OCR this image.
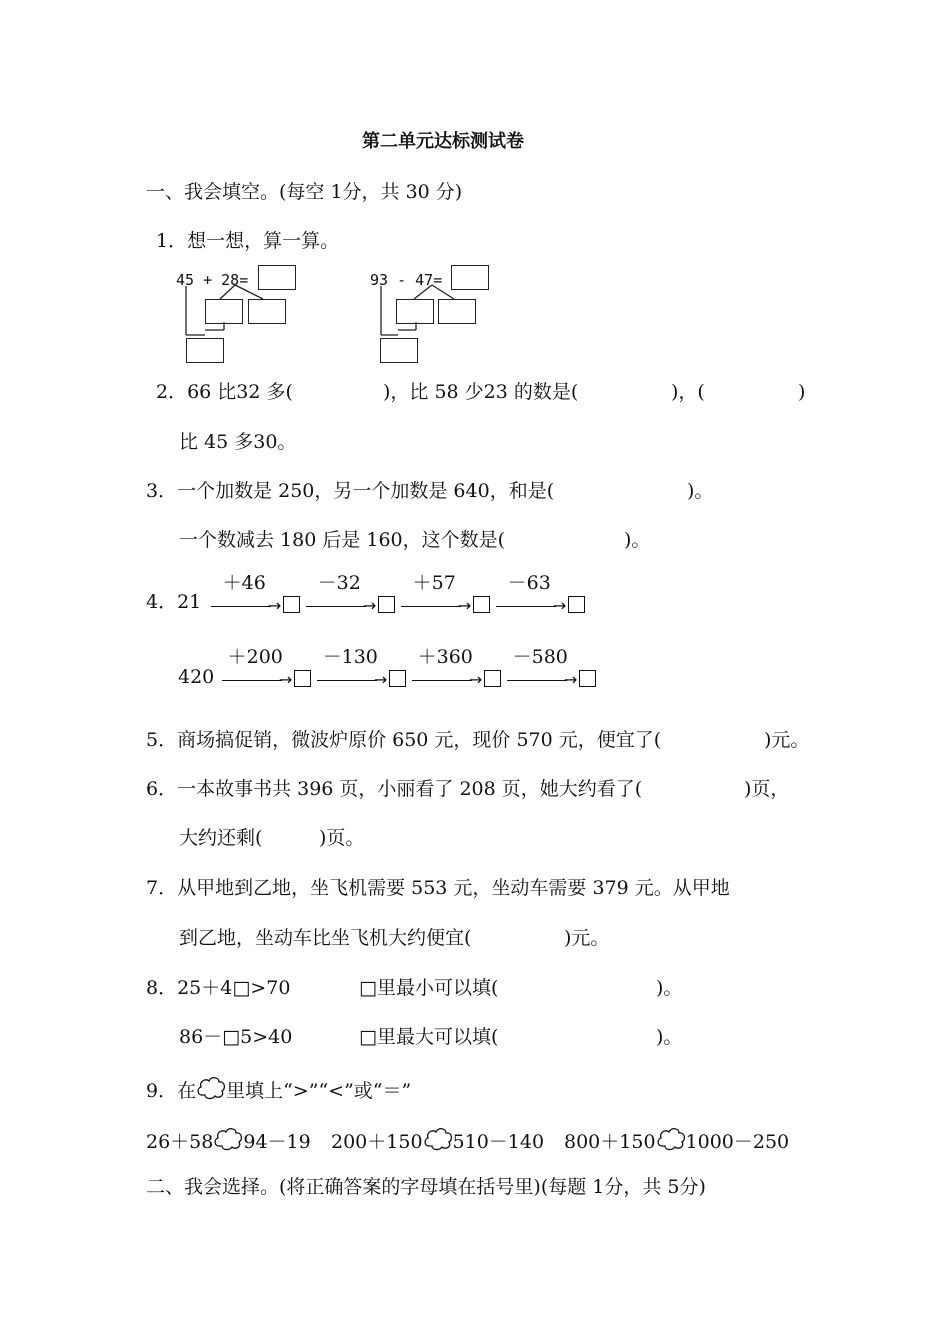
第二单元达标测试卷
一、我会填空。(每空 1分，共 30 分)
1．想一想，算一算。
45 + 28=	93 - 47=
2．66 比32 多(	)，比 58 少23 的数是(	)，(	)
比 45 多30。
3．一个加数是 250，另一个加数是 640，和是(	)。
一个数减去 180 后是 160，这个数是(	)。
4．21
＋46
→
－32
→
＋57
→
－63
→
420
＋200
→
－130
→
＋360
→
－580
→
5．商场搞促销，微波炉原价 650 元，现价 570 元，便宜了(	)元。
6．一本故事书共 396 页，小丽看了 208 页，她大约看了(	)页，
大约还剩(	)页。
7．从甲地到乙地，坐飞机需要 553 元，坐动车需要 379 元。从甲地
到乙地，坐动车比坐飞机大约便宜(	)元。
8．25＋4□>70	□里最小可以填(	)。
86－□5>40	□里最大可以填(	)。
9．在 里填上“>”“<”或“＝”
26＋58 94－19 200＋150 510－140 800＋150 1000－250
二、我会选择。(将正确答案的字母填在括号里)(每题 1分，共 5分)
